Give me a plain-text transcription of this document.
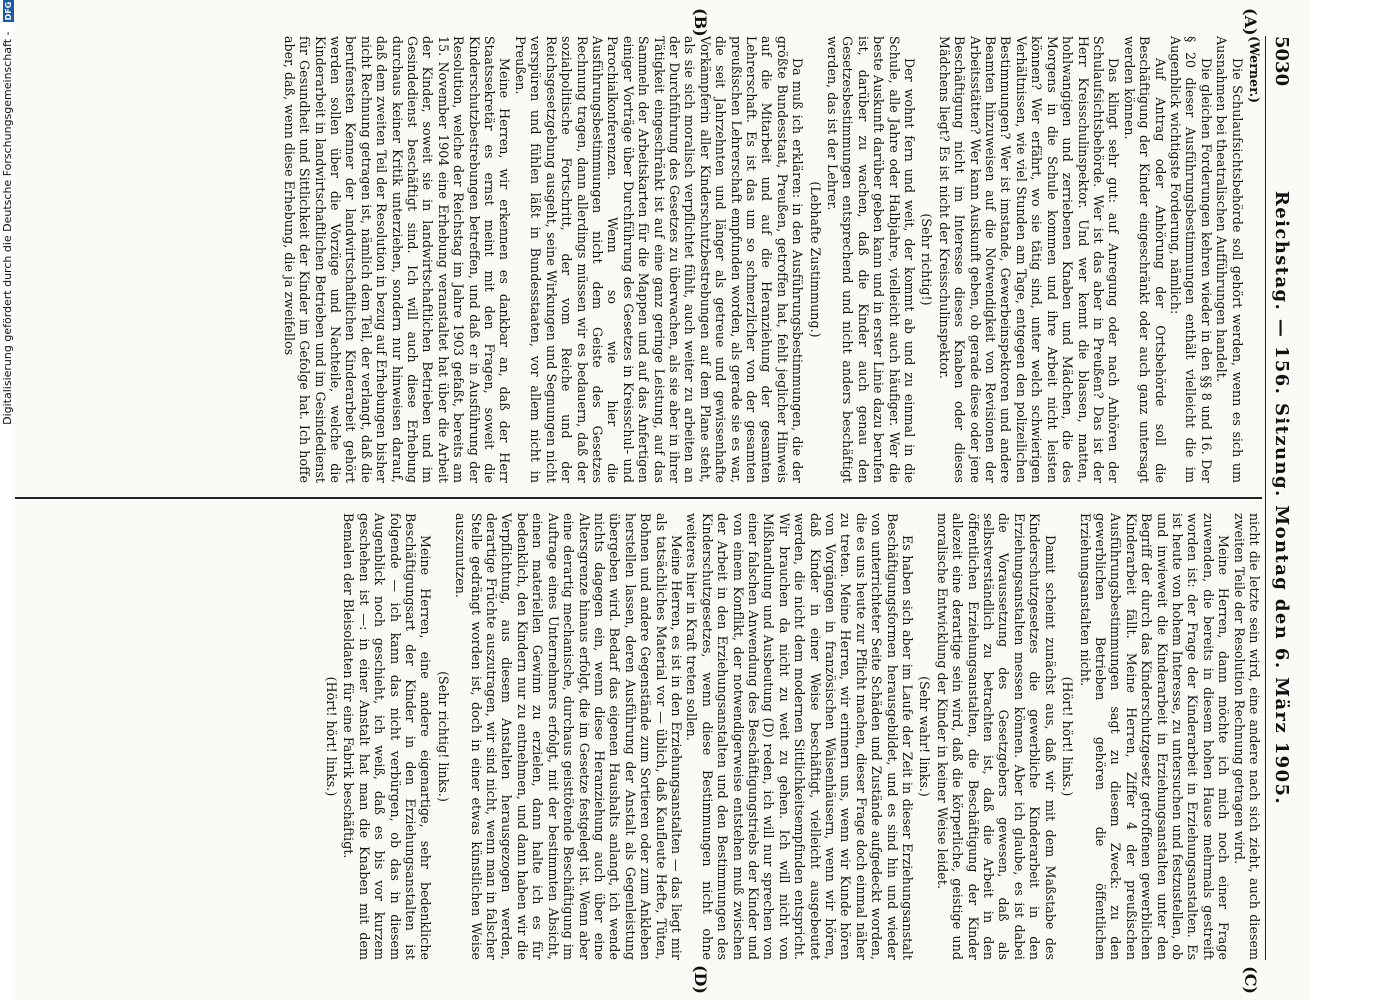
5030
Reichstag. — 156. Sitzung. Montag den 6. März 1905.
(A)
(B)
(C)
(D)

(Werner.)

Die Schulaufsichtsbehörde soll gehört werden, wenn es sich um Ausnahmen bei theatralischen Aufführungen handelt.

Die gleichen Forderungen kehren wieder in den §§ 8 und 16. Der § 20 dieser Ausführungsbestimmungen enthält vielleicht die im Augenblick wichtigste Forderung, nämlich:

Auf Antrag oder Anhörung der Ortsbehörde soll die Beschäftigung der Kinder eingeschränkt oder auch ganz untersagt werden können.

Das klingt sehr gut: auf Anregung oder nach Anhören der Schulaufsichtsbehörde. Wer ist das aber in Preußen? Das ist der Herr Kreisschulinspektor. Und wer kennt die blassen, matten, hohlwangigen und zerriebenen Knaben und Mädchen, die des Morgens in die Schule kommen und ihre Arbeit nicht leisten können? Wer erfährt, wo sie tätig sind, unter welch schwierigen Verhältnissen, wie viel Stunden am Tage, entgegen den polizeilichen Bestimmungen? Wer ist imstande, Gewerbeinspektoren und andere Beamten hinzuweisen auf die Notwendigkeit von Revisionen der Arbeitsstätten? Wer kann Auskunft geben, ob gerade diese oder jene Beschäftigung nicht im Interesse dieses Knaben oder dieses Mädchens liegt? Es ist nicht der Kreisschulinspektor.

(Sehr richtig!)

Der wohnt fern und weit, der kommt ab und zu einmal in die Schule, alle Jahre oder Halbjahre, vielleicht auch häufiger. Wer die beste Auskunft darüber geben kann und in erster Linie dazu berufen ist, darüber zu wachen, daß die Kinder auch genau den Gesetzesbestimmungen entsprechend und nicht anders beschäftigt werden, das ist der Lehrer.

(Lebhafte Zustimmung.)

Da muß ich erklären: in den Ausführungsbestimmungen, die der größte Bundesstaat, Preußen, getroffen hat, fehlt jeglicher Hinweis auf die Mitarbeit und auf die Heranziehung der gesamten Lehrerschaft. Es ist das um so schmerzlicher von der gesamten preußischen Lehrerschaft empfunden worden, als gerade sie es war, die seit Jahrzehnten und länger als getreue und gewissenhafte Vorkämpferin aller Kinderschutzbestrebungen auf dem Plane steht, als sie sich moralisch verpflichtet fühlt, auch weiter zu arbeiten an der Durchführung des Gesetzes zu überwachen, als sie aber in ihrer Tätigkeit eingeschränkt ist auf eine ganz geringe Leistung, auf das Sammeln der Arbeitskarten für die Mappen und auf das Anfertigen einiger Vorträge über Durchführung des Gesetzes in Kreisschul- und Parochialkonferenzen. Wenn so wie hier die Ausführungsbestimmungen nicht dem Geiste des Gesetzes Rechnung tragen, dann allerdings müssen wir es bedauern, daß der sozialpolitische Fortschritt, der vom Reiche und der Reichsgesetzgebung ausgeht, seine Wirkungen und Segnungen nicht verspüren und fühlen läßt in Bundesstaaten, vor allem nicht in Preußen.

Meine Herren, wir erkennen es dankbar an, daß der Herr Staatssekretär es ernst meint mit den Fragen, soweit die Kinderschutzbestrebungen betreffen, und daß er in Ausführung der Resolution, welche der Reichstag im Jahre 1903 gefaßt, bereits am 15. November 1904 eine Erhebung veranstaltet hat über die Arbeit der Kinder, soweit sie in landwirtschaftlichen Betrieben und im Gesindedienst beschäftigt sind. Ich will auch diese Erhebung durchaus keiner Kritik unterziehen, sondern nur hinweisen darauf, daß dem zweiten Teil der Resolution in bezug auf Erhebungen bisher nicht Rechnung getragen ist, nämlich dem Teil, der verlangt, daß die berufensten Kenner der landwirtschaftlichen Kinderarbeit gehört werden sollen über die Vorzüge und Nachteile, welche die Kinderarbeit in landwirtschaftlichen Betrieben und im Gesindedienst für Gesundheit und Sittlichkeit der Kinder im Gefolge hat. Ich hoffe aber, daß, wenn diese Erhebung, die ja zweifellos

nicht die letzte sein wird, eine andere nach sich zieht, auch diesem zweiten Teile der Resolution Rechnung getragen wird.

Meine Herren, dann möchte ich mich noch einer Frage zuwenden, die bereits in diesem hohen Hause mehrmals gestreift worden ist: der Frage der Kinderarbeit in Erziehungsanstalten. Es ist heute von hohem Interesse, zu untersuchen und festzustellen, ob und inwieweit die Kinderarbeit in Erziehungsanstalten unter den Begriff der durch das Kinderschutzgesetz getroffenen gewerblichen Kinderarbeit fällt. Meine Herren, Ziffer 4 der preußischen Ausführungsbestimmungen sagt zu diesem Zweck: zu den gewerblichen Betrieben gehören die öffentlichen Erziehungsanstalten nicht.

(Hört! hört! links.)

Damit scheint zunächst aus, daß wir mit dem Maßstabe des Kinderschutzgesetzes die gewerbliche Kinderarbeit in den Erziehungsanstalten messen können. Aber ich glaube, es ist dabei die Voraussetzung des Gesetzgebers gewesen, daß als selbstverständlich zu betrachten ist, daß die Arbeit in den öffentlichen Erziehungsanstalten, die Beschäftigung der Kinder allezeit eine derartige sein wird, daß die körperliche, geistige und moralische Entwicklung der Kinder in keiner Weise leidet.

(Sehr wahr! links.)

Es haben sich aber im Laufe der Zeit in dieser Erziehungsanstalt Beschäftigungsformen herausgebildet, und es sind hin und wieder von unterrichteter Seite Schäden und Zustände aufgedeckt worden, die es uns heute zur Pflicht machen, dieser Frage doch einmal näher zu treten. Meine Herren, wir erinnern uns, wenn wir Kunde hören von Vorgängen in französischen Waisenhäusern, wenn wir hören, daß Kinder in einer Weise beschäftigt, vielleicht ausgebeutet werden, die nicht dem modernen Sittlichkeitsempfinden entspricht. Wir brauchen da nicht zu weit zu gehen. Ich will nicht von Mißhandlung und Ausbeutung (D) reden, ich will nur sprechen von einer falschen Anwendung des Beschäftigungstriebs der Kinder und von einem Konflikt, der notwendigerweise entstehen muß zwischen der Arbeit in den Erziehungsanstalten und den Bestimmungen des Kinderschutzgesetzes, wenn diese Bestimmungen nicht ohne weiteres hier in Kraft treten sollen.

Meine Herren, es ist in den Erziehungsanstalten — das liegt mir als tatsächliches Material vor — üblich, daß Kaufleute Hefte, Tüten, Bohnen und andere Gegenstände zum Sortieren oder zum Ankleben herstellen lassen, deren Ausführung der Anstalt als Gegenleistung übergeben wird. Bedarf das eigenen Haushalts anlangt, ich wende nichts dagegen ein, wenn diese Heranziehung auch über eine Altersgrenze hinaus erfolgt, die im Gesetze festgelegt ist. Wenn aber eine derartig mechanische, durchaus geisttötende Beschäftigung im Auftrage eines Unternehmers erfolgt, mit der bestimmten Absicht, einen materiellen Gewinn zu erzielen, dann halte ich es für bedenklich, den Kindern nur zu entnehmen, und dann haben wir die Verpflichtung, aus diesem Anstalten herausgezogen werden, derartige Früchte auszutragen, wir sind nicht, wenn man in falscher Stelle gedrängt worden ist, doch in einer etwas künstlichen Weise auszunutzen.

(Sehr richtig! links.)

Meine Herren, eine andere eigenartige, sehr bedenkliche Beschäftigungsart der Kinder in den Erziehungsanstalten ist folgende — ich kann das nicht verbürgen, ob das in diesem Augenblick noch geschieht, ich weiß, daß es bis vor kurzem geschehen ist —: in einer Anstalt hat man die Knaben mit dem Bemalen der Bleisoldaten für eine Fabrik beschäftigt.

(Hört! hört! links.)

Digitalisierung gefördert durch die Deutsche Forschungsgemeinschaft - DFG
